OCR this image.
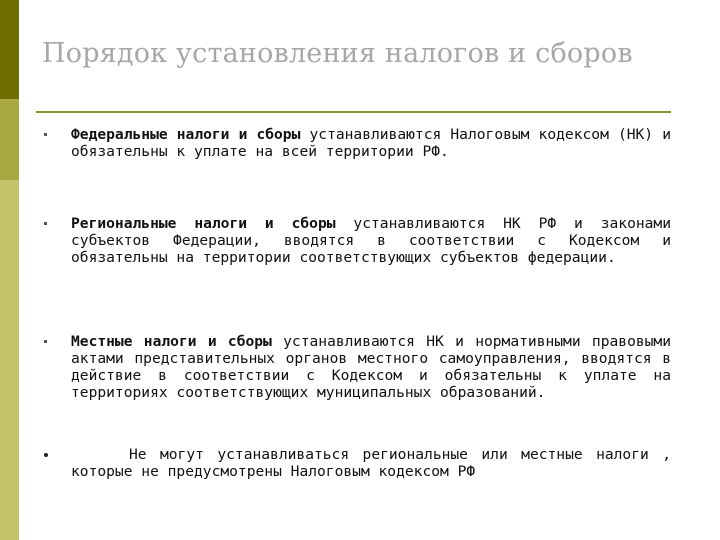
Порядок установления налогов и сборов
Федеральные налоги и сборы устанавливаются Налоговым кодексом (НК) и обязательны к уплате на всей территории РФ.
Региональные налоги и сборы устанавливаются НК РФ и законами субъектов Федерации, вводятся в соответствии с Кодексом и обязательны на территории соответствующих субъектов федерации.
Местные налоги и сборы устанавливаются НК и нормативными правовыми актами представительных органов местного самоуправления, вводятся в действие в соответствии с Кодексом и обязательны к уплате на территориях соответствующих муниципальных образований.
Не могут устанавливаться региональные или местные налоги , которые не предусмотрены Налоговым кодексом РФ
